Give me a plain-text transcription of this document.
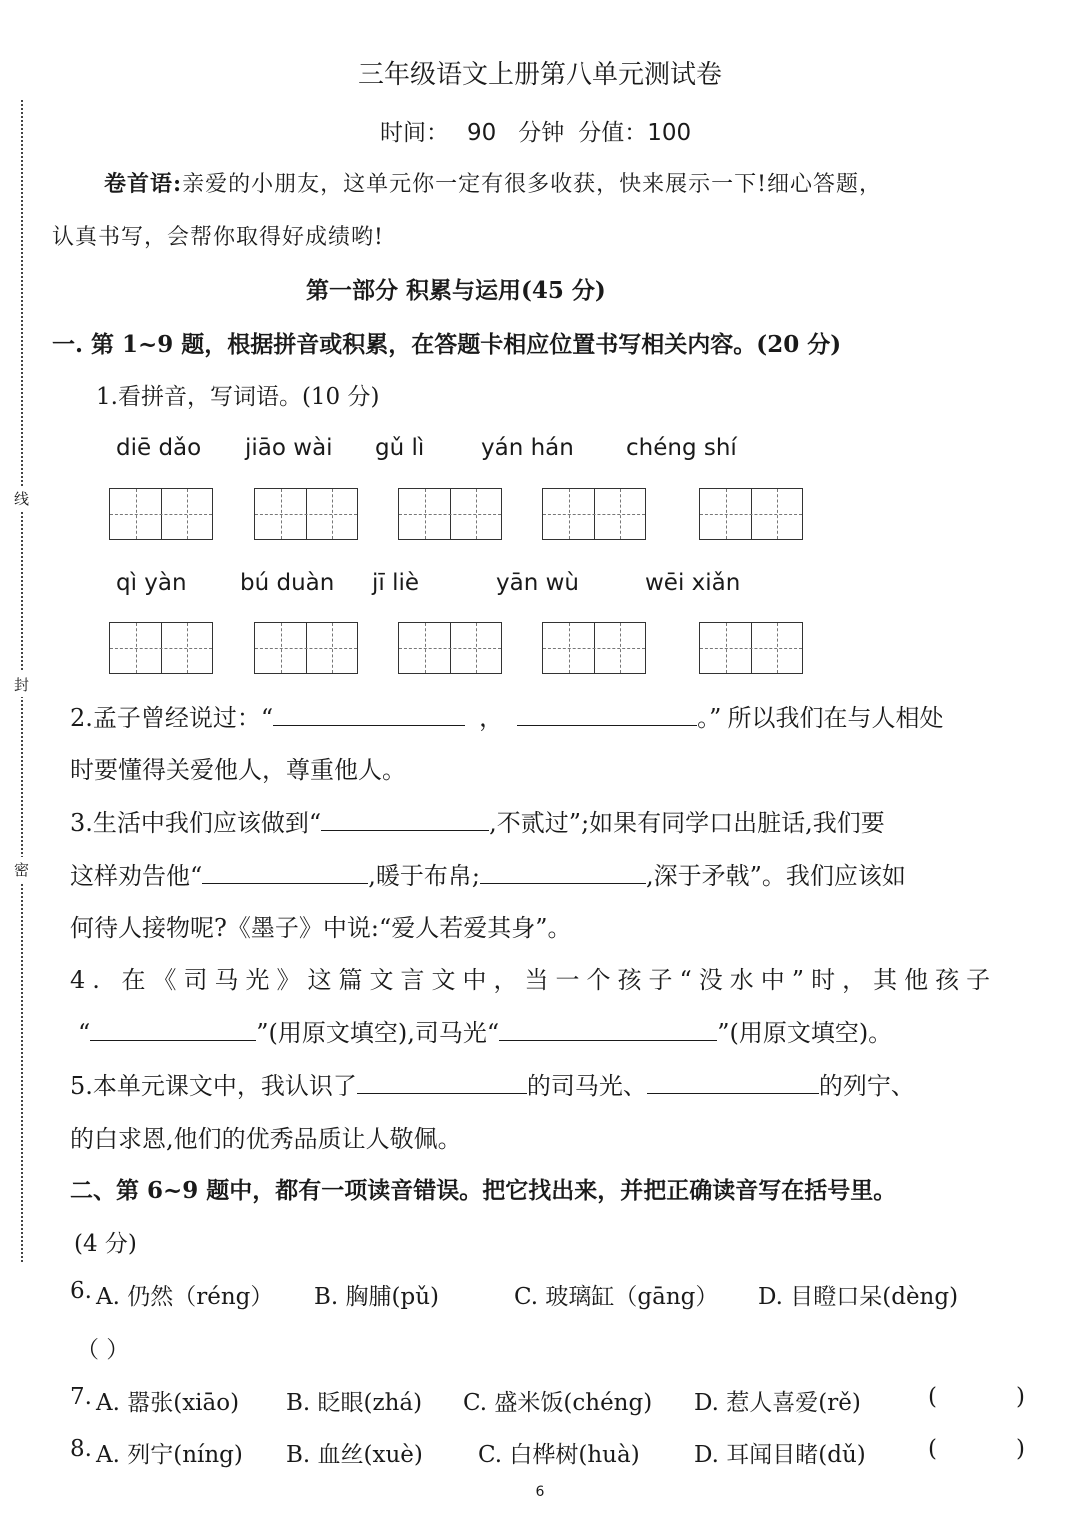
线
封
密
三年级语文上册第八单元测试卷
时间： 90 分钟 分值：100
卷首语:亲爱的小朋友，这单元你一定有很多收获，快来展示一下!细心答题，
认真书写，会帮你取得好成绩哟!
第一部分 积累与运用(45 分)
一. 第 1~9 题，根据拼音或积累，在答题卡相应位置书写相关内容。(20 分)
1.看拼音，写词语。(10 分)
diē dǎo jiāo wài gǔ lì yán hán chéng shí
qì yàn bú duàn jī liè	yān wù	wēi xiǎn
2.孟子曾经说过：“	，	。” 所以我们在与人相处
时要懂得关爱他人，尊重他人。
3.生活中我们应该做到“	,不贰过”;如果有同学口出脏话,我们要
这样劝告他“	,暖于布帛;	,深于矛戟”。我们应该如
何待人接物呢?《墨子》中说:“爱人若爱其身”。
4. 在《司马光》这篇文言文中，当一个孩子“没水中”时，其他孩子
“	”(用原文填空),司马光“	”(用原文填空)。
5.本单元课文中，我认识了	的司马光、	的列宁、
的白求恩,他们的优秀品质让人敬佩。
二、第 6~9 题中，都有一项读音错误。把它找出来，并把正确读音写在括号里。
(4 分)
6. A. 仍然（réng） B. 胸脯(pǔ)	C. 玻璃缸（gāng） D. 目瞪口呆(dèng)
（ ）
7. A. 嚣张(xiāo) B. 眨眼(zhá) C. 盛米饭(chéng) D. 惹人喜爱(rě)	(	)
8. A. 列宁(níng) B. 血丝(xuè) C. 白桦树(huà) D. 耳闻目睹(dǔ)	(	)
6
